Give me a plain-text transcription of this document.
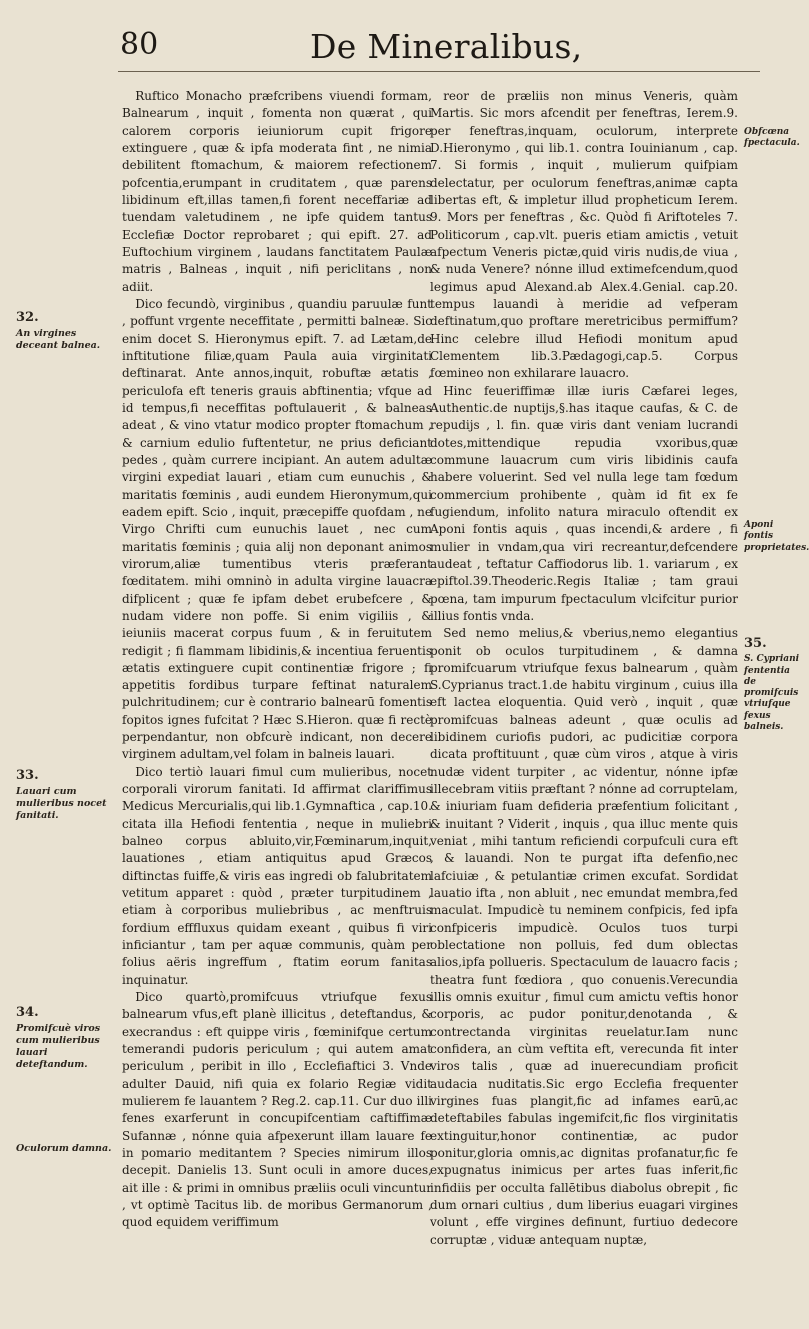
80	De Mineralibus,

Ruftico Monacho præfcribens viuendi formam, Balnearum , inquit , fomenta non quærat , qui calorem corporis ieiuniorum cupit frigore extinguere , quæ & ipfa moderata fint , ne nimia debilitent ftomachum, & maiorem refectionem pofcentia,erumpant in cruditatem , quæ parens libidinum eft,illas tamen,fi forent neceffariæ ad tuendam valetudinem , ne ipfe quidem tantus Ecclefiæ Doctor reprobaret ; qui epift. 27. ad Euftochium virginem , laudans fanctitatem Paulæ matris , Balneas , inquit , nifi periclitans , non adiit.

Dico fecundò, virginibus , quandiu paruulæ funt , poffunt vrgente neceffitate , permitti balneæ. Sic enim docet S. Hieronymus epift. 7. ad Lætam,de inftitutione filiæ,quam Paula auia virginitati deftinarat. Ante annos,inquit, robuftæ ætatis , periculofa eft teneris grauis abftinentia; vfque ad id tempus,fi neceffitas poftulauerit , & balneas adeat , & vino vtatur modico propter ftomachum , & carnium edulio fuftentetur, ne prius deficiant pedes , quàm currere incipiant. An autem adultæ virgini expediat lauari , etiam cum eunuchis , & maritatis fœminis , audi eundem Hieronymum,qui eadem epift. Scio , inquit, præcepiffe quofdam , ne Virgo Chrifti cum eunuchis lauet , nec cum maritatis fœminis ; quia alij non deponant animos virorum,aliæ tumentibus vteris præferant fœditatem. mihi omninò in adulta virgine lauacra difplicent ; quæ fe ipfam debet erubefcere , & nudam videre non poffe. Si enim vigiliis , & ieiuniis macerat corpus fuum , & in feruitutem redigit ; fi flammam libidinis,& incentiua feruentis ætatis extinguere cupit continentiæ frigore ; fi appetitis fordibus turpare feftinat naturalem pulchritudinem; cur è contrario balnearū fomentis fopitos ignes fufcitat ? Hæc S.Hieron. quæ fi rectè perpendantur, non obfcurè indicant, non decere virginem adultam,vel folam in balneis lauari.

Dico tertiò lauari fimul cum mulieribus, nocet corporali virorum fanitati. Id affirmat clariffimus Medicus Mercurialis,qui lib.1.Gymnaftica , cap.10. citata illa Hefiodi fententia , neque in muliebri balneo corpus abluito,vir,Fœminarum,inquit, lauationes , etiam antiquitus apud Græcos diftinctas fuiffe,& viris eas ingredi ob falubritatem vetitum apparet : quòd , præter turpitudinem , etiam à corporibus muliebribus , ac menftruis fordium efffluxus quidam exeant , quibus fi viri inficiantur , tam per aquæ communis, quàm per folius aëris ingreffum , ftatim eorum fanitas inquinatur.

Dico quartò,promifcuus vtriufque fexus balnearum vfus,eft planè illicitus , deteftandus, & execrandus : eft quippe viris , fœminifque certum temerandi pudoris periculum ; qui autem amat periculum , peribit in illo , Ecclefiaftici 3. Vnde adulter Dauid, nifi quia ex folario Regiæ vidit mulierem fe lauantem ? Reg.2. cap.11. Cur duo illi fenes exarferunt in concupifcentiam caftiffimæ Sufannæ , nónne quia afpexerunt illam lauare fe in pomario meditantem ? Species nimirum illos decepit. Danielis 13. Sunt oculi in amore duces, ait ille : & primi in omnibus præliis oculi vincuntur , vt optimè Tacitus lib. de moribus Germanorum , quod equidem veriffimum

reor de præliis non minus Veneris, quàm Martis. Sic mors afcendit per feneftras, Ierem.9. per feneftras,inquam, oculorum, interprete D.Hieronymo , qui lib.1. contra Iouinianum , cap. 7. Si formis , inquit , mulierum quifpiam delectatur, per oculorum feneftras,animæ capta libertas eft, & impletur illud propheticum Ierem. 9. Mors per feneftras , &c. Quòd fi Ariftoteles 7. Politicorum , cap.vlt. pueris etiam amictis , vetuit afpectum Veneris pictæ,quid viris nudis,de viua , & nuda Venere? nónne illud extimefcendum,quod legimus apud Alexand.ab Alex.4.Genial. cap.20. tempus lauandi à meridie ad vefperam deftinatum,quo proftare meretricibus permiffum?Hinc celebre illud Hefiodi monitum apud Clementem lib.3.Pædagogi,cap.5. Corpus fœmineo non exhilarare lauacro.

Hinc feueriffimæ illæ iuris Cæfarei leges, Authentic.de nuptijs,§.has itaque caufas, & C. de repudijs , l. fin. quæ viris dant veniam lucrandi dotes,mittendique repudia vxoribus,quæ commune lauacrum cum viris libidinis caufa habere voluerint. Sed vel nulla lege tam fœdum commercium prohibente , quàm id fit ex fe fugiendum, infolito natura miraculo oftendit ex Aponi fontis aquis , quas incendi,& ardere , fi mulier in vndam,qua viri recreantur,defcendere audeat , teftatur Caffiodorus lib. 1. variarum , ex epiftol.39.Theoderic.Regis Italiæ ; tam graui pœna, tam impurum fpectaculum vlcifcitur purior illius fontis vnda.

Sed nemo melius,& vberius,nemo elegantius ponit ob oculos turpitudinem , & damna promifcuarum vtriufque fexus balnearum , quàm S.Cyprianus tract.1.de habitu virginum , cuius illa eft lactea eloquentia. Quid verò , inquit , quæ promifcuas balneas adeunt , quæ oculis ad libidinem curiofis pudori, ac pudicitiæ corpora dicata proftituunt , quæ cùm viros , atque à viris nudæ vident turpiter , ac videntur, nónne ipfæ illecebram vitiis præftant ? nónne ad corruptelam, & iniuriam fuam defideria præfentium folicitant , & inuitant ? Viderit , inquis , qua illuc mente quis veniat , mihi tantum reficiendi corpufculi cura eft , & lauandi. Non te purgat ifta defenfio,nec lafciuiæ , & petulantiæ crimen excufat. Sordidat lauatio ifta , non abluit , nec emundat membra,fed maculat. Impudicè tu neminem confpicis, fed ipfa confpiceris impudicè. Oculos tuos turpi oblectatione non polluis, fed dum oblectas alios,ipfa pollueris. Spectaculum de lauacro facis ; theatra funt fœdiora , quo conuenis.Verecundia illis omnis exuitur , fimul cum amictu veftis honor corporis, ac pudor ponitur,denotanda , & contrectanda virginitas reuelatur.Iam nunc confidera, an cùm veftita eft, verecunda fit inter viros talis , quæ ad inuerecundiam proficit audacia nuditatis.Sic ergo Ecclefia frequenter virgines fuas plangit,fic ad infames earū,ac deteftabiles fabulas ingemifcit,fic flos virginitatis extinguitur,honor continentiæ, ac pudor ponitur,gloria omnis,ac dignitas profanatur,fic fe expugnatus inimicus per artes fuas inferit,fic infidiis per occulta fallētibus diabolus obrepit , fic dum ornari cultius , dum liberius euagari virgines volunt , effe virgines definunt, furtiuo dedecore corruptæ , viduæ antequam nuptæ,

32.
An virgines deceant balnea.
33.
Lauari cum mulieribus nocet fanitati.
34.
Promifcuè viros cum mulieribus lauari deteftandum.
Oculorum damna.
Obfcœna fpectacula.
Aponi fontis proprietates.
35.
S. Cypriani fententia de promifcuis vtriufque fexus balneis.
